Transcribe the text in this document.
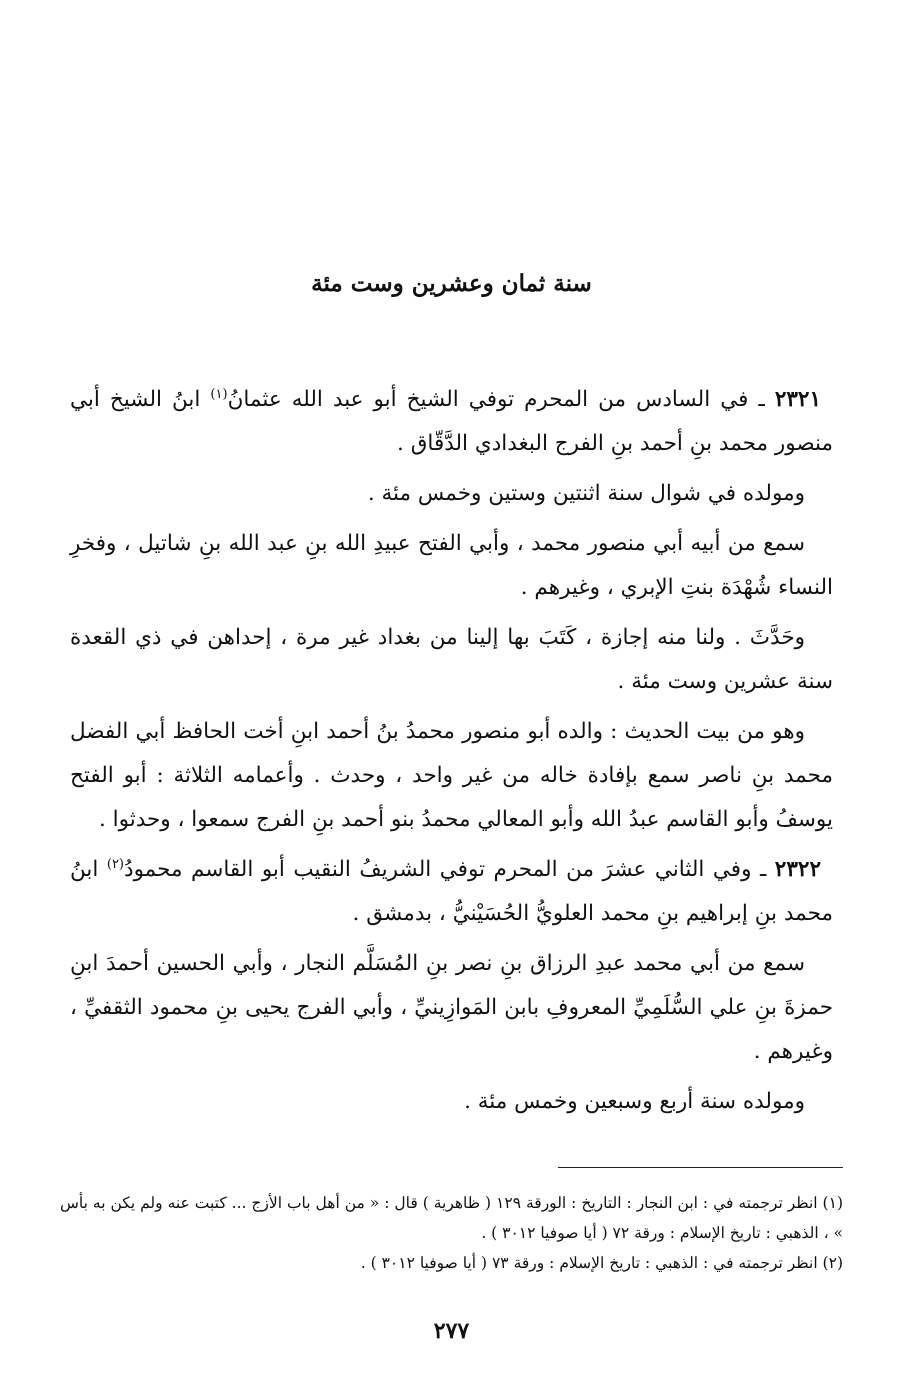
سنة ثمان وعشرين وست مئة

٢٣٢١ ـ في السادس من المحرم توفي الشيخ أبو عبد الله عثمانُ$^{(١)}$ ابنُ الشيخ أبي منصور محمد بنِ أحمد بنِ الفرج البغدادي الدَّقّاق .

ومولده في شوال سنة اثنتين وستين وخمس مئة .

سمع من أبيه أبي منصور محمد ، وأبي الفتح عبيدِ الله بنِ عبد الله بنِ شاتيل ، وفخرِ النساء شُهْدَة بنتِ الإبري ، وغيرهم .

وحَدَّثَ . ولنا منه إجازة ، كَتَبَ بها إلينا من بغداد غير مرة ، إحداهن في ذي القعدة سنة عشرين وست مئة .

وهو من بيت الحديث : والده أبو منصور محمدُ بنُ أحمد ابنِ أخت الحافظ أبي الفضل محمد بنِ ناصر سمع بإفادة خاله من غير واحد ، وحدث . وأعمامه الثلاثة : أبو الفتح يوسفُ وأبو القاسم عبدُ الله وأبو المعالي محمدُ بنو أحمد بنِ الفرج سمعوا ، وحدثوا .

٢٣٢٢ ـ وفي الثاني عشرَ من المحرم توفي الشريفُ النقيب أبو القاسم محمودُ$^{(٢)}$ ابنُ محمد بنِ إبراهيم بنِ محمد العلويُّ الحُسَيْنيُّ ، بدمشق .

سمع من أبي محمد عبدِ الرزاق بنِ نصر بنِ المُسَلَّم النجار ، وأبي الحسين أحمدَ ابنِ حمزةَ بنِ علي السُّلَمِيِّ المعروفِ بابن المَوازِينيِّ ، وأبي الفرج يحيى بنِ محمود الثقفيِّ ، وغيرهم .

ومولده سنة أربع وسبعين وخمس مئة .

(١) انظر ترجمته في : ابن النجار : التاريخ : الورقة ١٢٩ ( ظاهرية ) قال : « من أهل باب الأزج ... كتبت عنه ولم يكن به بأس » ، الذهبي : تاريخ الإسلام : ورقة ٧٢ ( أيا صوفيا ٣٠١٢ ) .

(٢) انظر ترجمته في : الذهبي : تاريخ الإسلام : ورقة ٧٣ ( أيا صوفيا ٣٠١٢ ) .

٢٧٧
